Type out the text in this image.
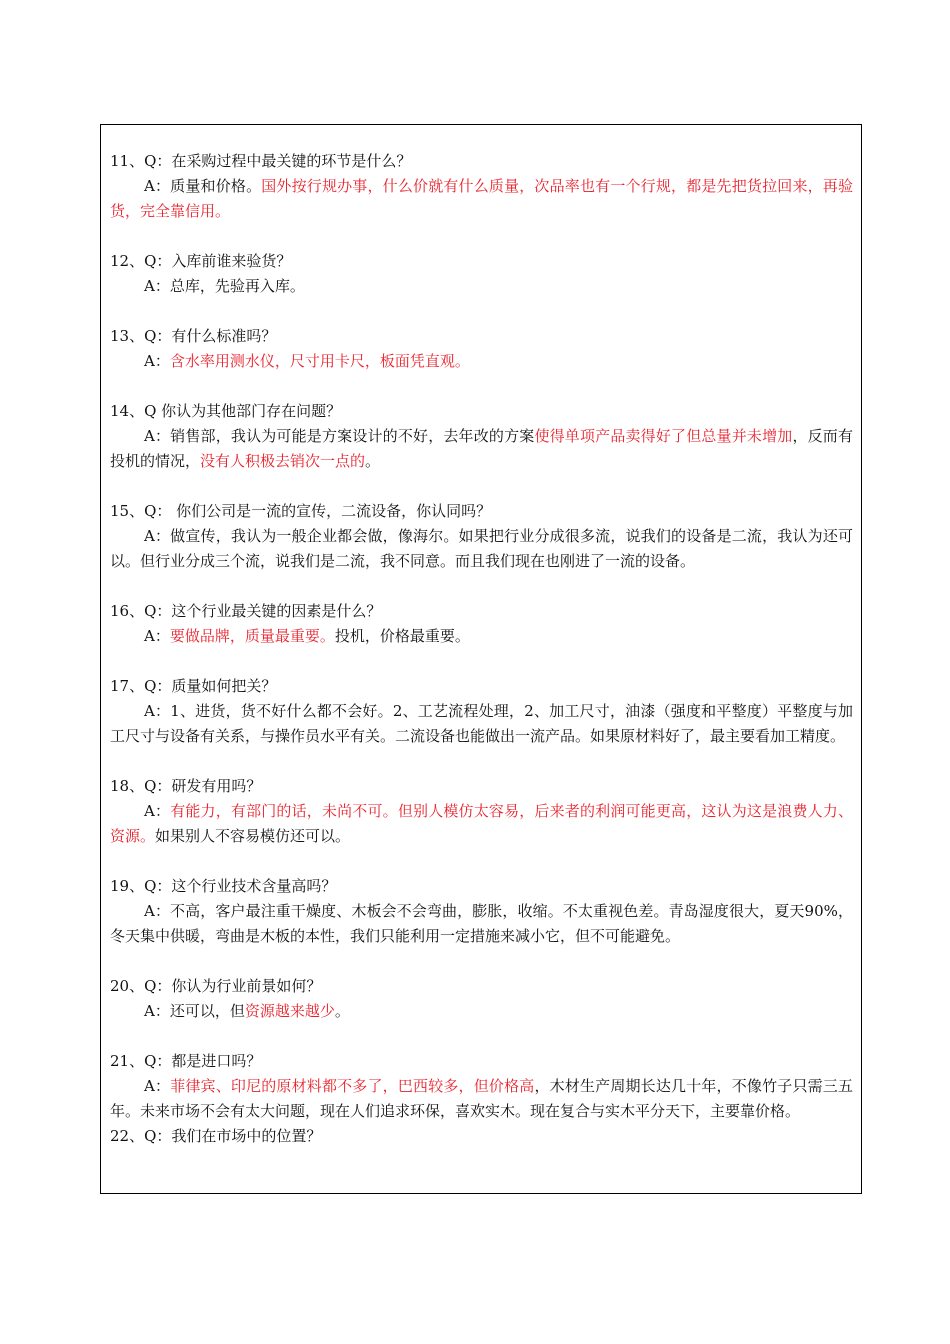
11、Q：在采购过程中最关键的环节是什么？
A：质量和价格。国外按行规办事，什么价就有什么质量，次品率也有一个行规，都是先把货拉回来，再验货，完全靠信用。
12、Q：入库前谁来验货？
A：总库，先验再入库。
13、Q：有什么标准吗？
A：含水率用测水仪，尺寸用卡尺，板面凭直观。
14、Q 你认为其他部门存在问题？
A：销售部，我认为可能是方案设计的不好，去年改的方案使得单项产品卖得好了但总量并未增加，反而有投机的情况，没有人积极去销次一点的。
15、Q： 你们公司是一流的宣传，二流设备，你认同吗？
A：做宣传，我认为一般企业都会做，像海尔。如果把行业分成很多流，说我们的设备是二流，我认为还可以。但行业分成三个流，说我们是二流，我不同意。而且我们现在也刚进了一流的设备。
16、Q：这个行业最关键的因素是什么？
A：要做品牌，质量最重要。投机，价格最重要。
17、Q：质量如何把关？
A：1、进货，货不好什么都不会好。2、工艺流程处理，2、加工尺寸，油漆（强度和平整度）平整度与加工尺寸与设备有关系，与操作员水平有关。二流设备也能做出一流产品。如果原材料好了，最主要看加工精度。
18、Q：研发有用吗？
A：有能力，有部门的话，未尚不可。但别人模仿太容易，后来者的利润可能更高，这认为这是浪费人力、资源。如果别人不容易模仿还可以。
19、Q：这个行业技术含量高吗？
A：不高，客户最注重干燥度、木板会不会弯曲，膨胀，收缩。不太重视色差。青岛湿度很大，夏天90%，冬天集中供暖，弯曲是木板的本性，我们只能利用一定措施来减小它，但不可能避免。
20、Q：你认为行业前景如何？
A：还可以，但资源越来越少。
21、Q：都是进口吗？
A：菲律宾、印尼的原材料都不多了，巴西较多，但价格高，木材生产周期长达几十年，不像竹子只需三五年。未来市场不会有太大问题，现在人们追求环保，喜欢实木。现在复合与实木平分天下，主要靠价格。
22、Q：我们在市场中的位置？
